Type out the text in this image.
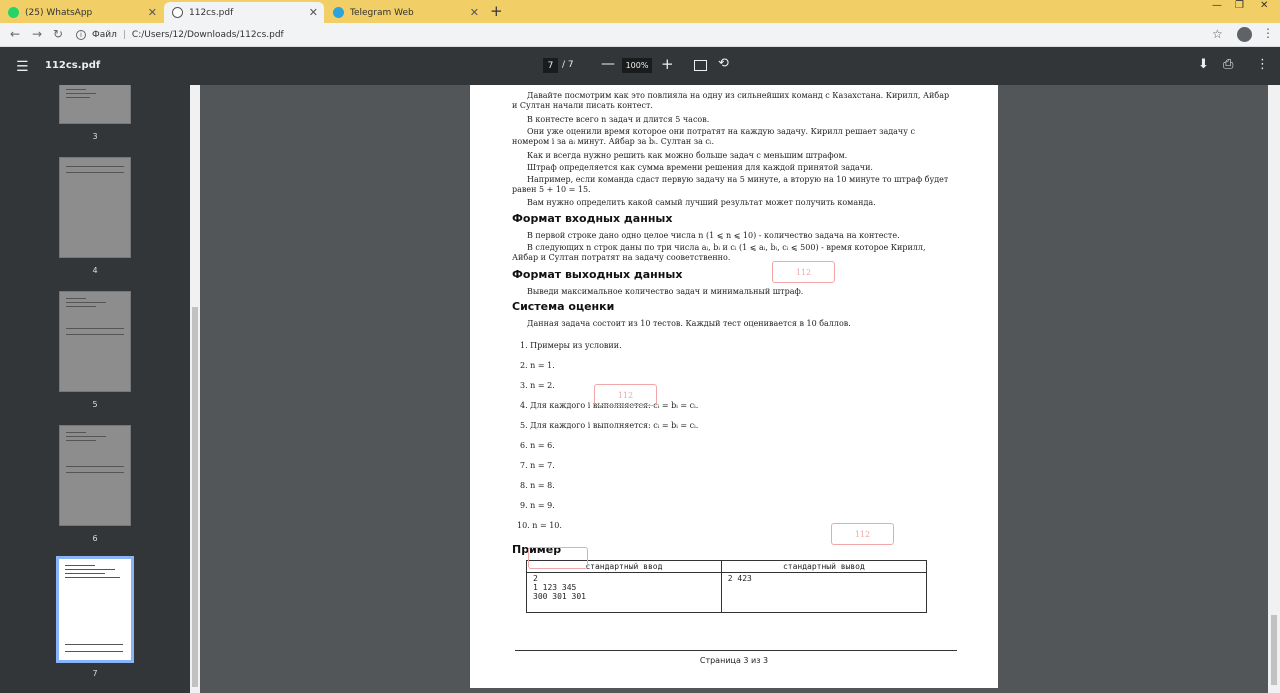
(25) WhatsApp	✕	112cs.pdf	✕	Telegram Web	✕ +	— ❐ ✕
← → ↻	i	Файл | C:/Users/12/Downloads/112cs.pdf	☆	⋮
☰ 112cs.pdf	7 / 7 —	100% +	⟲	⬇ ⎙ ⋮
3
4
5
6
7

Давайте посмотрим как это повлияла на одну из сильнейших команд с Казахстана. Кирилл, Айбар и Султан начали писать контест.

В контесте всего n задач и длится 5 часов.

Они уже оценили время которое они потратят на каждую задачу. Кирилл решает задачу с номером i за aᵢ минут. Айбар за bᵢ. Султан за cᵢ.

Как и всегда нужно решить как можно больше задач с меньшим штрафом.

Штраф определяется как сумма времени решения для каждой принятой задачи.

Например, если команда сдаст первую задачу на 5 минуте, а вторую на 10 минуте то штраф будет равен 5 + 10 = 15.

Вам нужно определить какой самый лучший результат может получить команда.

Формат входных данных

В первой строке дано одно целое числа n (1 ⩽ n ⩽ 10) - количество задача на контесте.

В следующих n строк даны по три числа aᵢ, bᵢ и cᵢ (1 ⩽ aᵢ, bᵢ, cᵢ ⩽ 500) - время которое Кирилл, Айбар и Султан потратят на задачу сооветственно.

Формат выходных данных

Выведи максимальное количество задач и минимальный штраф.

Система оценки

Данная задача состоит из 10 тестов. Каждый тест оценивается в 10 баллов.

1. Примеры из условии.
2. n = 1.
3. n = 2.
4. Для каждого i выполняется: cᵢ = bᵢ = cᵢ.
5. Для каждого i выполняется: cᵢ = bᵢ = cᵢ.
6. n = 6.
7. n = 7.
8. n = 8.
9. n = 9.
10. n = 10.
Пример
стандартный ввод	стандартный вывод

2
1 123 345
300 301 301	2 423
112
112
112
Страница 3 из 3
